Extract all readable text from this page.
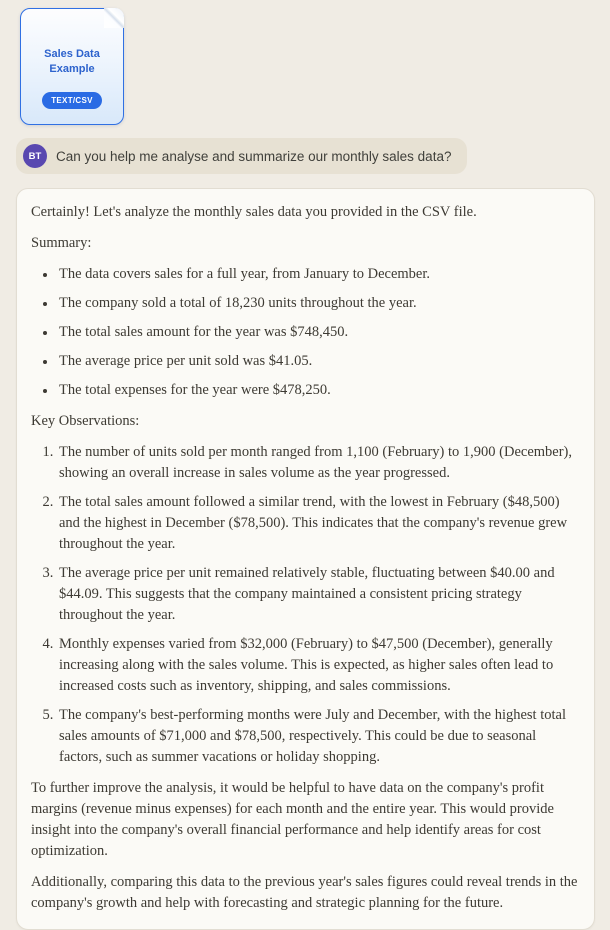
Sales Data
Example
TEXT/CSV
BT	Can you help me analyse and summarize our monthly sales data?

Certainly! Let's analyze the monthly sales data you provided in the CSV file.

Summary:

• The data covers sales for a full year, from January to December.
• The company sold a total of 18,230 units throughout the year.
• The total sales amount for the year was $748,450.
• The average price per unit sold was $41.05.
• The total expenses for the year were $478,250.

Key Observations:

1. The number of units sold per month ranged from 1,100 (February) to 1,900 (December), showing an overall increase in sales volume as the year progressed.
2. The total sales amount followed a similar trend, with the lowest in February ($48,500) and the highest in December ($78,500). This indicates that the company's revenue grew throughout the year.
3. The average price per unit remained relatively stable, fluctuating between $40.00 and $44.09. This suggests that the company maintained a consistent pricing strategy throughout the year.
4. Monthly expenses varied from $32,000 (February) to $47,500 (December), generally increasing along with the sales volume. This is expected, as higher sales often lead to increased costs such as inventory, shipping, and sales commissions.
5. The company's best-performing months were July and December, with the highest total sales amounts of $71,000 and $78,500, respectively. This could be due to seasonal factors, such as summer vacations or holiday shopping.

To further improve the analysis, it would be helpful to have data on the company's profit margins (revenue minus expenses) for each month and the entire year. This would provide insight into the company's overall financial performance and help identify areas for cost optimization.

Additionally, comparing this data to the previous year's sales figures could reveal trends in the company's growth and help with forecasting and strategic planning for the future.
